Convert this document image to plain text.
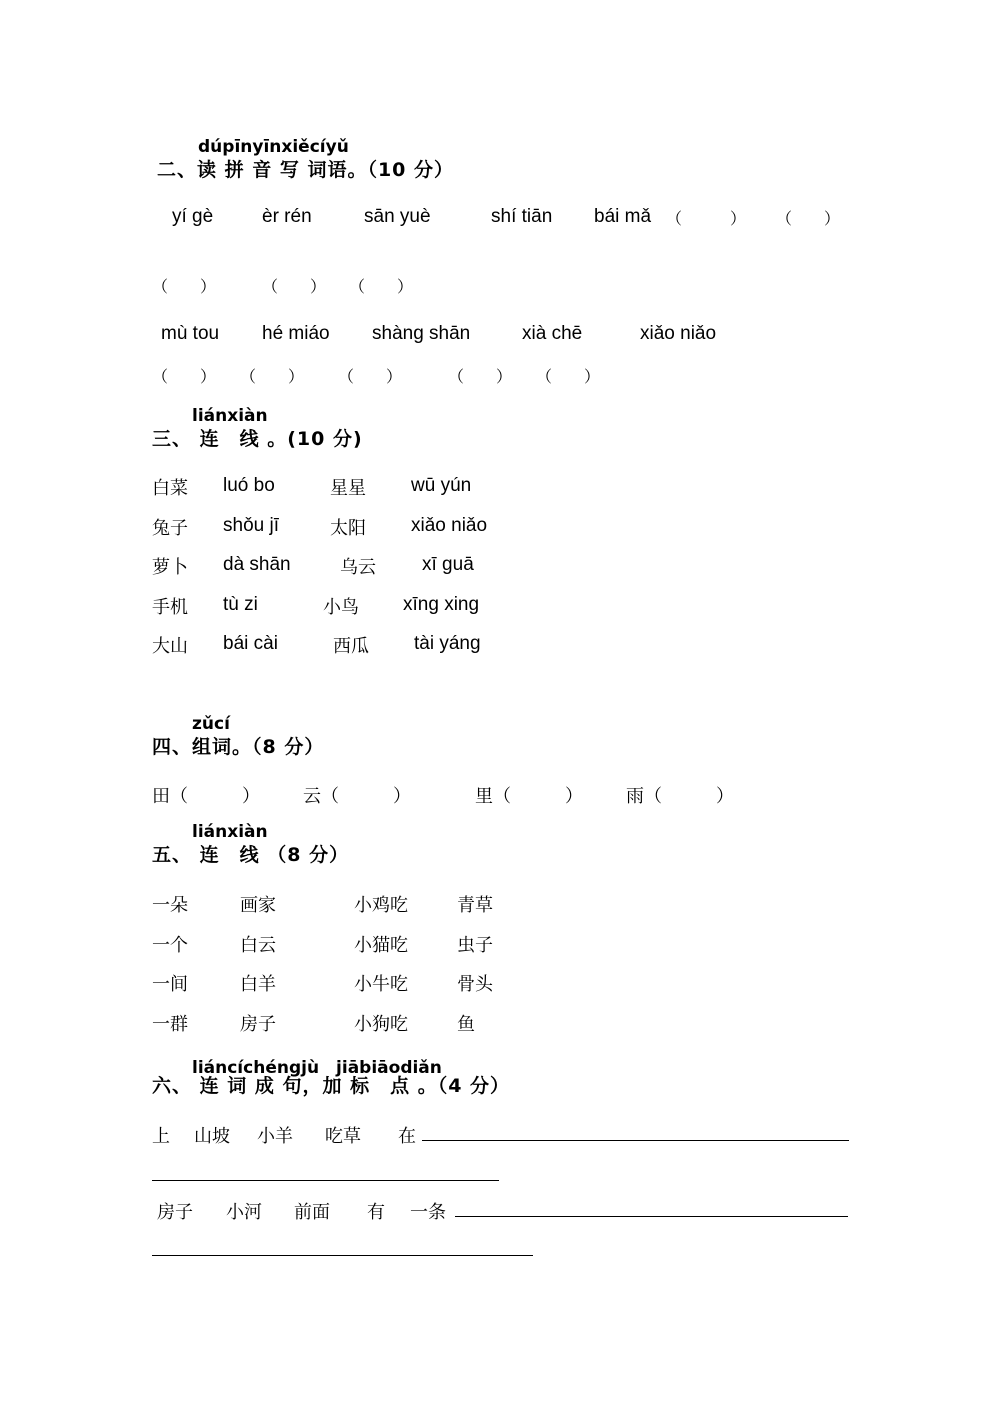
dúpīnyīnxiěcíyǔ
二、读 拼 音 写 词语。（10 分）
yí gè	èr rén	sān yuè	shí tiān bái mǎ （　　　） （　　）
（　　）	（　　） （　　）
mù tou hé miáo shàng shān	xià chē	xiǎo niǎo
（　　） （　　） （　　）	（　　） （　　）
liánxiàn
三、 连　线 。(10 分)
白菜 luó bo	星星 wū yún
兔子 shǒu jī	太阳 xiǎo niǎo
萝卜 dà shān	乌云 xī guā
手机 tù zi	小鸟 xīng xing
大山 bái cài	西瓜 tài yáng
zǔcí
四、组词。（8 分）
田（　　　） 云（　　　）	里（　　　） 雨（　　　）
liánxiàn
五、 连　线 （8 分）
一朵	画家	小鸡吃	青草
一个	白云	小猫吃	虫子
一间	白羊	小牛吃	骨头
一群	房子	小狗吃	鱼
liáncíchéngjù　jiābiāodiǎn
六、 连 词 成 句，加 标　点 。（4 分）
上 山坡 小羊 吃草 在
房子 小河 前面 有 一条
